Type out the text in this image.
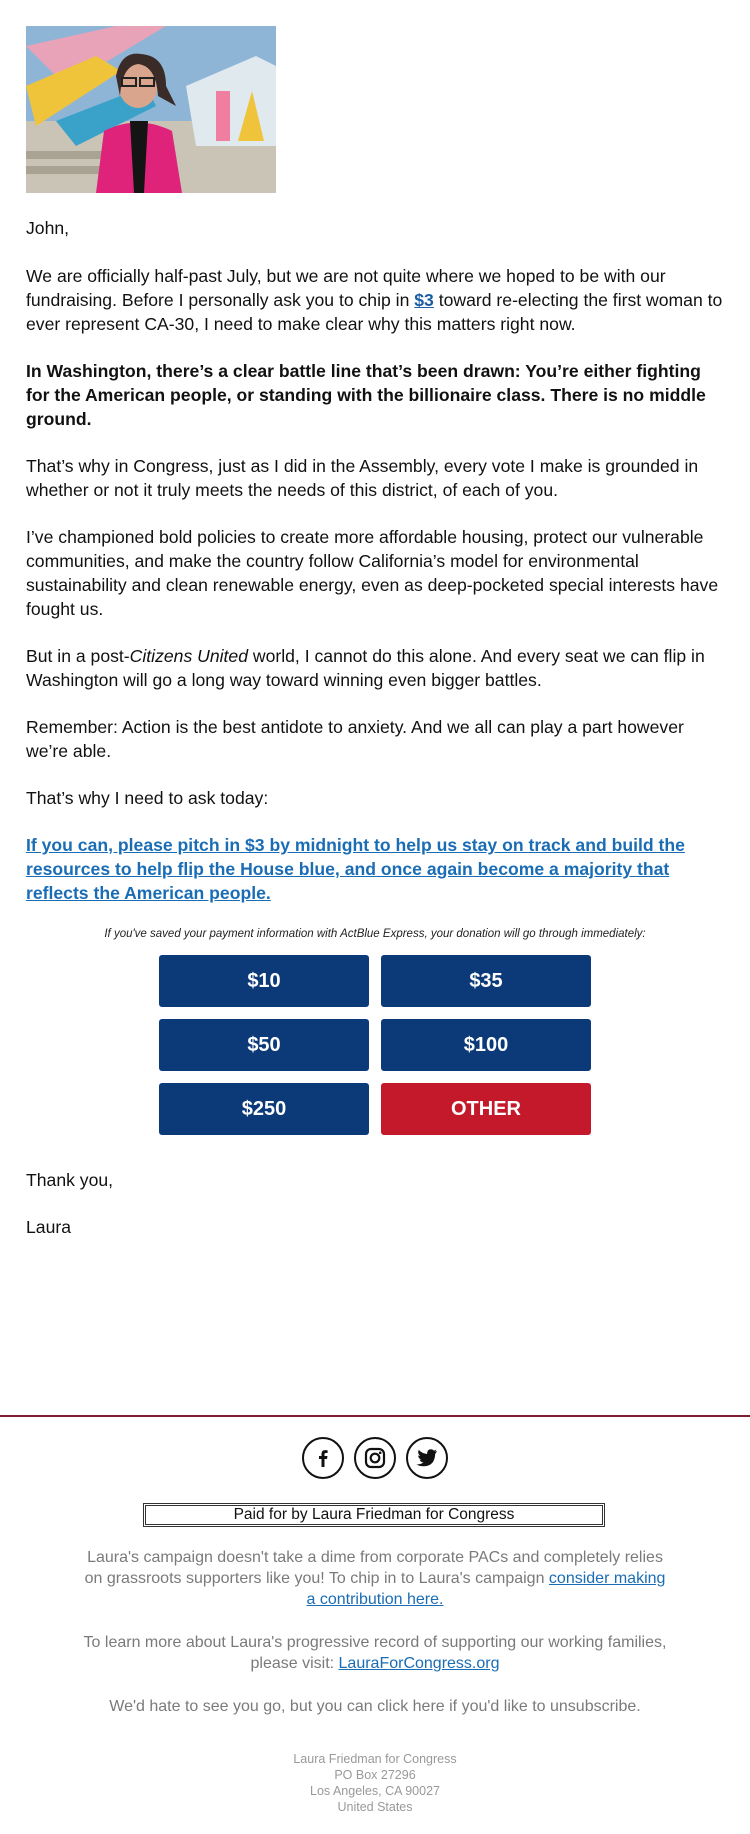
John,

We are officially half-past July, but we are not quite where we hoped to be with our fundraising. Before I personally ask you to chip in $3 toward re-electing the first woman to ever represent CA-30, I need to make clear why this matters right now.

In Washington, there’s a clear battle line that’s been drawn: You’re either fighting for the American people, or standing with the billionaire class. There is no middle ground.

That’s why in Congress, just as I did in the Assembly, every vote I make is grounded in whether or not it truly meets the needs of this district, of each of you.

I’ve championed bold policies to create more affordable housing, protect our vulnerable communities, and make the country follow California’s model for environmental sustainability and clean renewable energy, even as deep-pocketed special interests have fought us.

But in a post-Citizens United world, I cannot do this alone. And every seat we can flip in Washington will go a long way toward winning even bigger battles.

Remember: Action is the best antidote to anxiety. And we all can play a part however we’re able.

That’s why I need to ask today:

If you can, please pitch in $3 by midnight to help us stay on track and build the resources to help flip the House blue, and once again become a majority that reflects the American people.
If you've saved your payment information with ActBlue Express, your donation will go through immediately:
$10	$35
$50	$100
$250	OTHER

Thank you,

Laura

Paid for by Laura Friedman for Congress

Laura's campaign doesn't take a dime from corporate PACs and completely relies on grassroots supporters like you! To chip in to Laura's campaign consider making a contribution here.

To learn more about Laura's progressive record of supporting our working families, please visit: LauraForCongress.org

We'd hate to see you go, but you can click here if you'd like to unsubscribe.

Laura Friedman for Congress
PO Box 27296
Los Angeles, CA 90027
United States
